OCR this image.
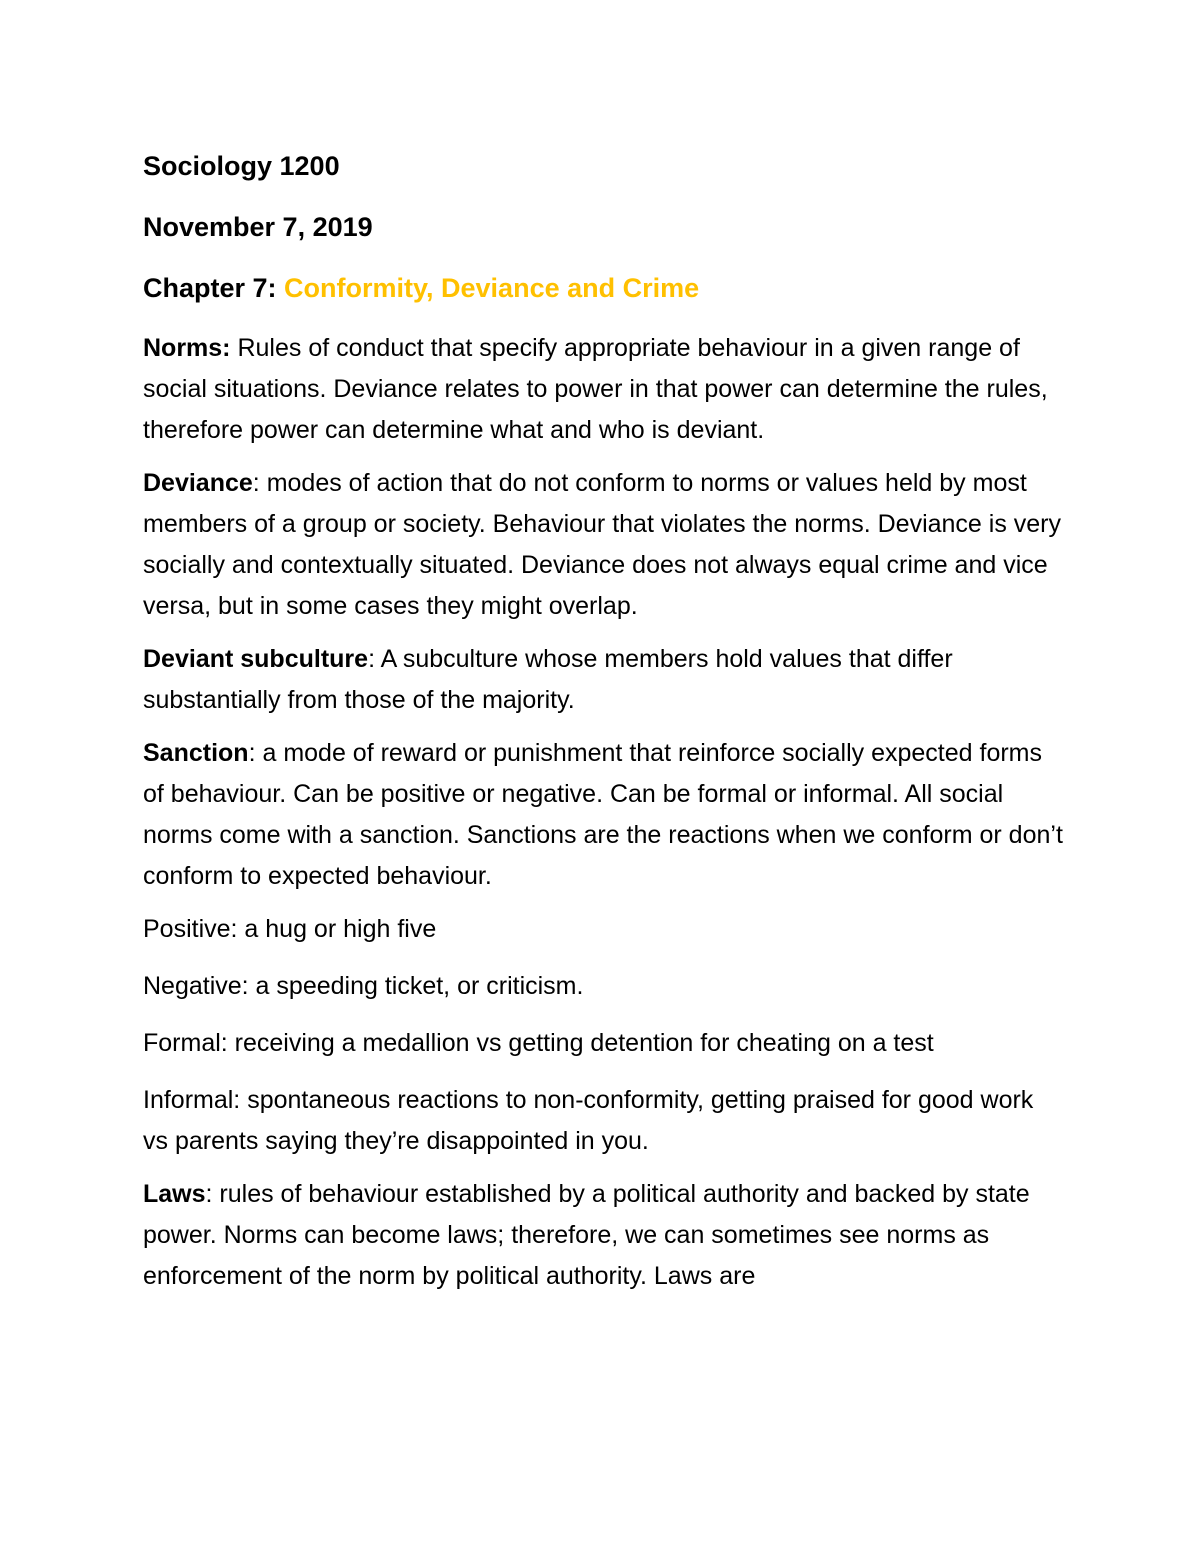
Sociology 1200
November 7, 2019
Chapter 7: Conformity, Deviance and Crime

Norms: Rules of conduct that specify appropriate behaviour in a given range of social situations. Deviance relates to power in that power can determine the rules, therefore power can determine what and who is deviant.

Deviance: modes of action that do not conform to norms or values held by most members of a group or society. Behaviour that violates the norms. Deviance is very socially and contextually situated. Deviance does not always equal crime and vice versa, but in some cases they might overlap.

Deviant subculture: A subculture whose members hold values that differ substantially from those of the majority.

Sanction: a mode of reward or punishment that reinforce socially expected forms of behaviour. Can be positive or negative. Can be formal or informal. All social norms come with a sanction. Sanctions are the reactions when we conform or don’t conform to expected behaviour.

Positive: a hug or high five

Negative: a speeding ticket, or criticism.

Formal: receiving a medallion vs getting detention for cheating on a test

Informal: spontaneous reactions to non-conformity, getting praised for good work vs parents saying they’re disappointed in you.

Laws: rules of behaviour established by a political authority and backed by state power. Norms can become laws; therefore, we can sometimes see norms as enforcement of the norm by political authority. Laws are
